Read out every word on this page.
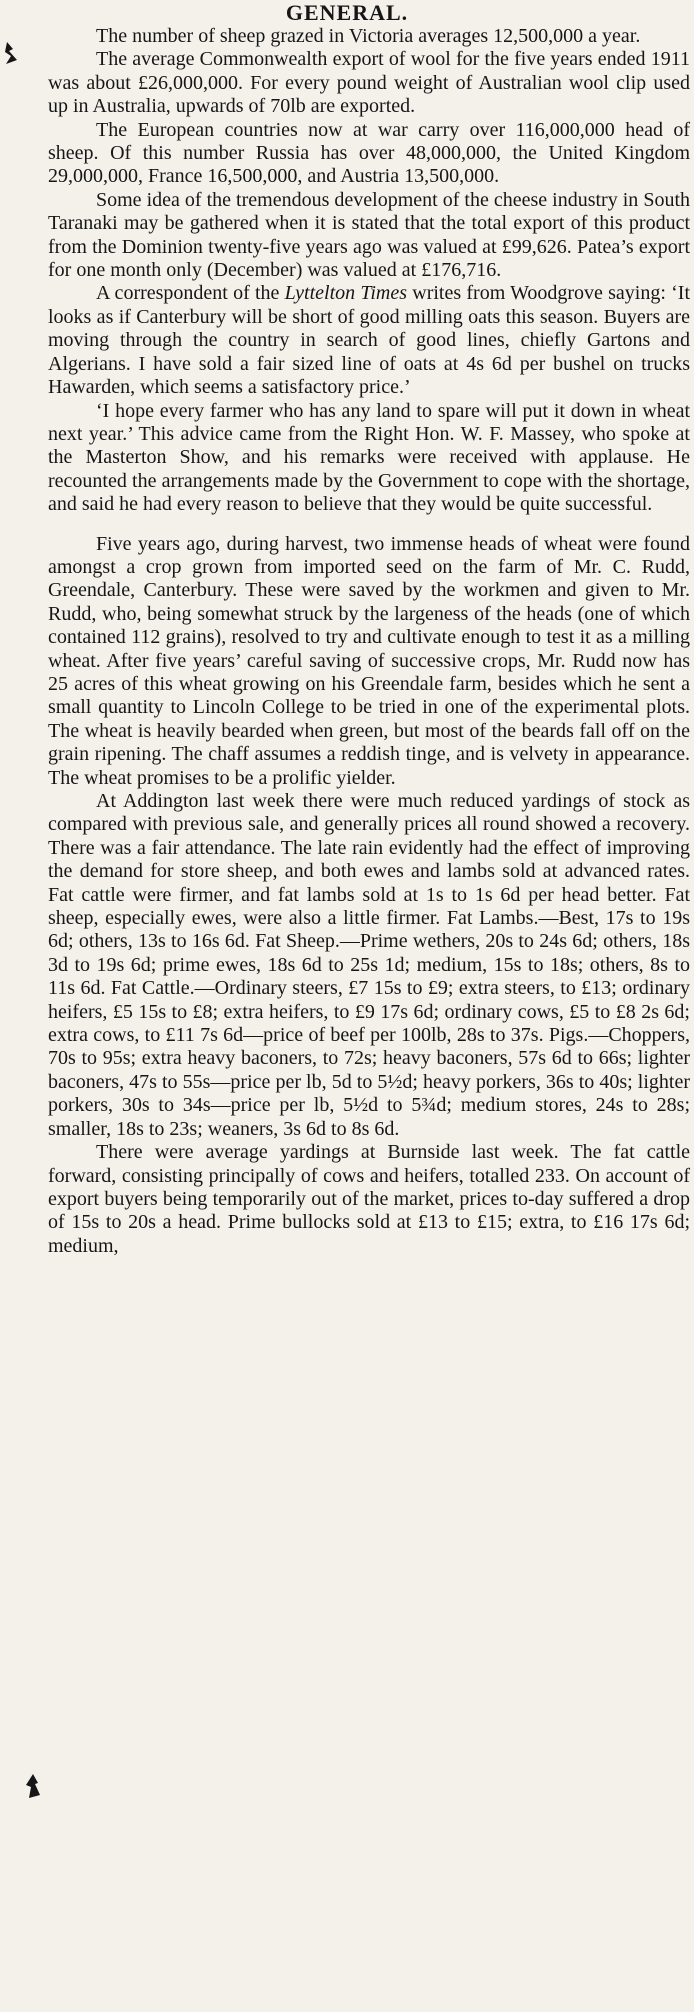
GENERAL.

The number of sheep grazed in Victoria averages 12,500,000 a year.

The average Commonwealth export of wool for the five years ended 1911 was about £26,000,000. For every pound weight of Australian wool clip used up in Australia, upwards of 70lb are exported.

The European countries now at war carry over 116,000,000 head of sheep. Of this number Russia has over 48,000,000, the United Kingdom 29,000,000, France 16,500,000, and Austria 13,500,000.

Some idea of the tremendous development of the cheese industry in South Taranaki may be gathered when it is stated that the total export of this product from the Dominion twenty-five years ago was valued at £99,626. Patea’s export for one month only (December) was valued at £176,716.

A correspondent of the Lyttelton Times writes from Woodgrove saying: ‘It looks as if Canterbury will be short of good milling oats this season. Buyers are moving through the country in search of good lines, chiefly Gartons and Algerians. I have sold a fair sized line of oats at 4s 6d per bushel on trucks Hawarden, which seems a satisfactory price.’

‘I hope every farmer who has any land to spare will put it down in wheat next year.’ This advice came from the Right Hon. W. F. Massey, who spoke at the Masterton Show, and his remarks were received with applause. He recounted the arrangements made by the Government to cope with the shortage, and said he had every reason to believe that they would be quite successful.

Five years ago, during harvest, two immense heads of wheat were found amongst a crop grown from imported seed on the farm of Mr. C. Rudd, Greendale, Canterbury. These were saved by the workmen and given to Mr. Rudd, who, being somewhat struck by the largeness of the heads (one of which contained 112 grains), resolved to try and cultivate enough to test it as a milling wheat. After five years’ careful saving of successive crops, Mr. Rudd now has 25 acres of this wheat growing on his Greendale farm, besides which he sent a small quantity to Lincoln College to be tried in one of the experimental plots. The wheat is heavily bearded when green, but most of the beards fall off on the grain ripening. The chaff assumes a reddish tinge, and is velvety in appearance. The wheat promises to be a prolific yielder.

At Addington last week there were much reduced yardings of stock as compared with previous sale, and generally prices all round showed a recovery. There was a fair attendance. The late rain evidently had the effect of improving the demand for store sheep, and both ewes and lambs sold at advanced rates. Fat cattle were firmer, and fat lambs sold at 1s to 1s 6d per head better. Fat sheep, especially ewes, were also a little firmer. Fat Lambs.—Best, 17s to 19s 6d; others, 13s to 16s 6d. Fat Sheep.—Prime wethers, 20s to 24s 6d; others, 18s 3d to 19s 6d; prime ewes, 18s 6d to 25s 1d; medium, 15s to 18s; others, 8s to 11s 6d. Fat Cattle.—Ordinary steers, £7 15s to £9; extra steers, to £13; ordinary heifers, £5 15s to £8; extra heifers, to £9 17s 6d; ordinary cows, £5 to £8 2s 6d; extra cows, to £11 7s 6d—price of beef per 100lb, 28s to 37s. Pigs.—Choppers, 70s to 95s; extra heavy baconers, to 72s; heavy baconers, 57s 6d to 66s; lighter baconers, 47s to 55s—price per lb, 5d to 5½d; heavy porkers, 36s to 40s; lighter porkers, 30s to 34s—price per lb, 5½d to 5¾d; medium stores, 24s to 28s; smaller, 18s to 23s; weaners, 3s 6d to 8s 6d.

There were average yardings at Burnside last week. The fat cattle forward, consisting principally of cows and heifers, totalled 233. On account of export buyers being temporarily out of the market, prices to-day suffered a drop of 15s to 20s a head. Prime bullocks sold at £13 to £15; extra, to £16 17s 6d; medium,
